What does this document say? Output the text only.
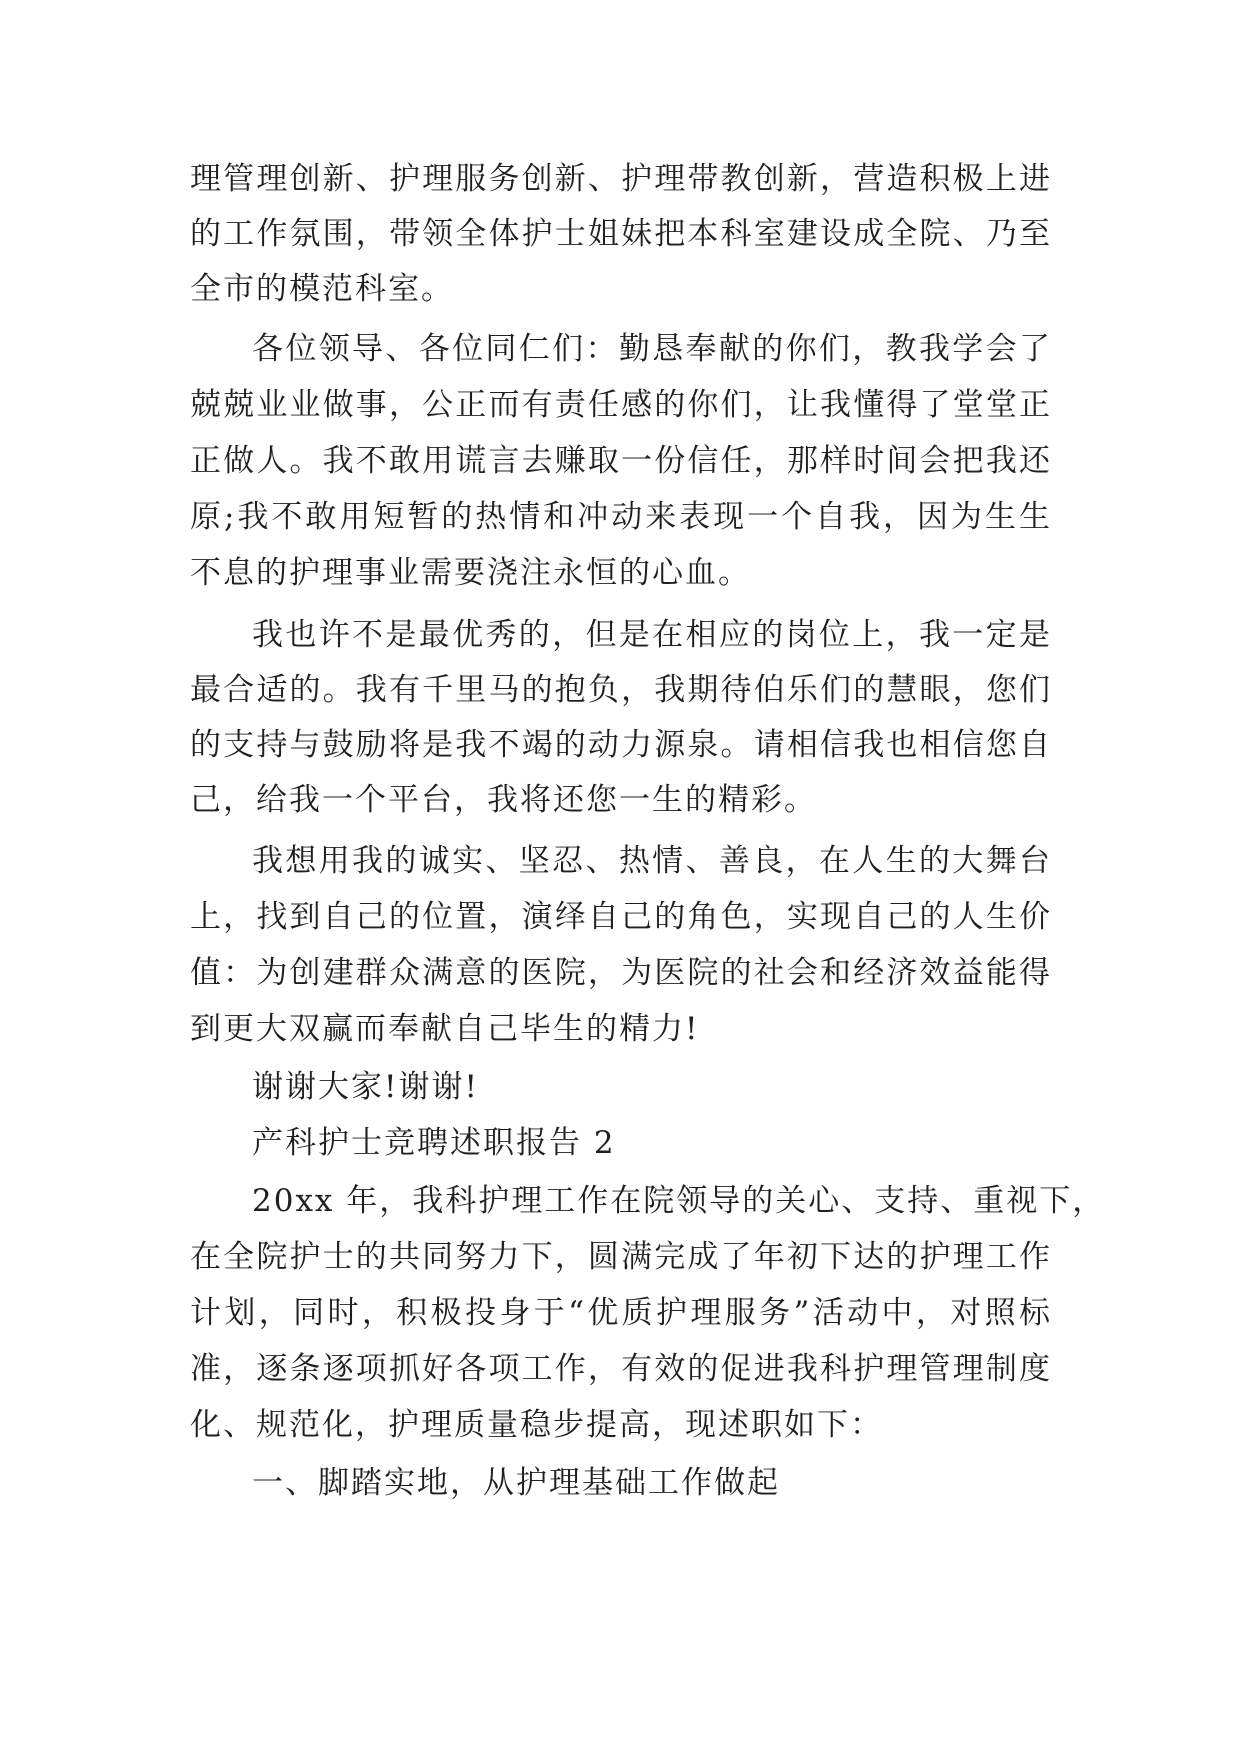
理管理创新、护理服务创新、护理带教创新，营造积极上进
的工作氛围，带领全体护士姐妹把本科室建设成全院、乃至
全市的模范科室。
各位领导、各位同仁们：勤恳奉献的你们，教我学会了
兢兢业业做事，公正而有责任感的你们，让我懂得了堂堂正
正做人。我不敢用谎言去赚取一份信任，那样时间会把我还
原;我不敢用短暂的热情和冲动来表现一个自我，因为生生
不息的护理事业需要浇注永恒的心血。
我也许不是最优秀的，但是在相应的岗位上，我一定是
最合适的。我有千里马的抱负，我期待伯乐们的慧眼，您们
的支持与鼓励将是我不竭的动力源泉。请相信我也相信您自
己，给我一个平台，我将还您一生的精彩。
我想用我的诚实、坚忍、热情、善良，在人生的大舞台
上，找到自己的位置，演绎自己的角色，实现自己的人生价
值：为创建群众满意的医院，为医院的社会和经济效益能得
到更大双赢而奉献自己毕生的精力!
谢谢大家!谢谢!
产科护士竞聘述职报告 2
20xx 年，我科护理工作在院领导的关心、支持、重视下，
在全院护士的共同努力下，圆满完成了年初下达的护理工作
计划，同时，积极投身于“优质护理服务”活动中，对照标
准，逐条逐项抓好各项工作，有效的促进我科护理管理制度
化、规范化，护理质量稳步提高，现述职如下：
一、脚踏实地，从护理基础工作做起
